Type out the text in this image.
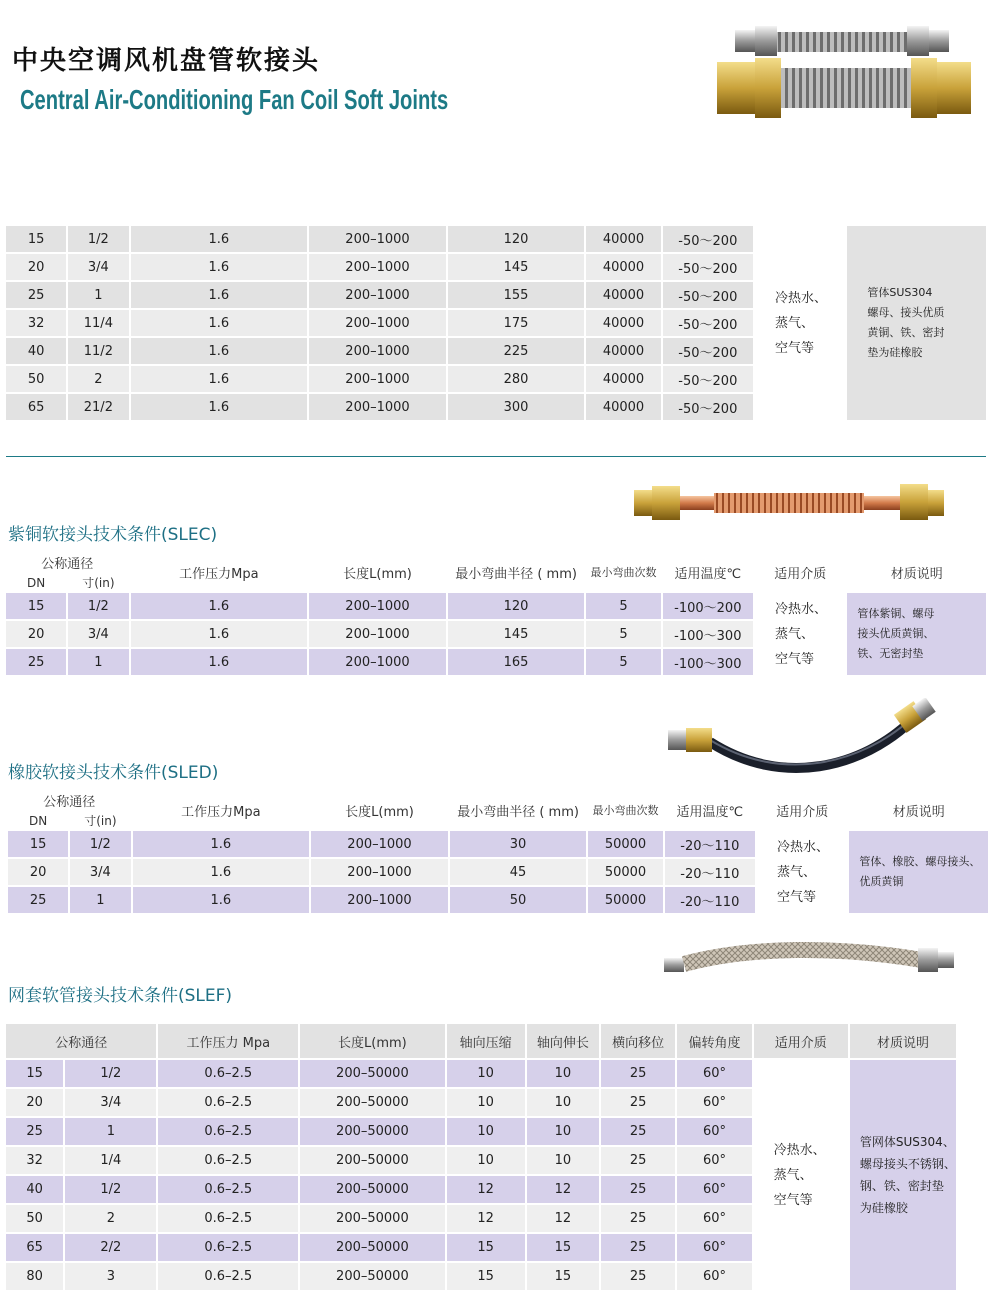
中央空调风机盘管软接头
Central Air-Conditioning Fan Coil Soft Joints
15	1/2	1.6	200–1000	120	40000	-50～200	冷热水、
蒸气、
空气等	管体SUS304
螺母、接头优质
黄铜、铁、密封
垫为硅橡胶
20	3/4	1.6	200–1000	145	40000	-50～200		
25	1	1.6	200–1000	155	40000	-50～200		
32	11/4	1.6	200–1000	175	40000	-50～200		
40	11/2	1.6	200–1000	225	40000	-50～200		
50	2	1.6	200–1000	280	40000	-50～200		
65	21/2	1.6	200–1000	300	40000	-50～200		
紫铜软接头技术条件(SLEC)
公称通径		工作压力Mpa	长度L(mm)	最小弯曲半径 ( mm)	最小弯曲次数	适用温度℃	适用介质	材质说明
DN	寸(in)							
15	1/2	1.6	200–1000	120	5	-100～200	冷热水、
蒸气、
空气等	管体紫铜、螺母
接头优质黄铜、
铁、无密封垫
20	3/4	1.6	200–1000	145	5	-100～300		
25	1	1.6	200–1000	165	5	-100～300		
橡胶软接头技术条件(SLED)
公称通径		工作压力Mpa	长度L(mm)	最小弯曲半径 ( mm)	最小弯曲次数	适用温度℃	适用介质	材质说明
DN	寸(in)							
15	1/2	1.6	200–1000	30	50000	-20～110	冷热水、
蒸气、
空气等	管体、橡胶、螺母接头、
优质黄铜
20	3/4	1.6	200–1000	45	50000	-20～110		
25	1	1.6	200–1000	50	50000	-20～110		
网套软管接头技术条件(SLEF)
公称通径		工作压力 Mpa	长度L(mm)	轴向压缩	轴向伸长	横向移位	偏转角度	适用介质	材质说明
15	1/2	0.6–2.5	200–50000	10	10	25	60°	冷热水、
蒸气、
空气等	管网体SUS304、
螺母接头不锈钢、
钢、铁、密封垫
为硅橡胶
20	3/4	0.6–2.5	200–50000	10	10	25	60°		
25	1	0.6–2.5	200–50000	10	10	25	60°		
32	1/4	0.6–2.5	200–50000	10	10	25	60°		
40	1/2	0.6–2.5	200–50000	12	12	25	60°		
50	2	0.6–2.5	200–50000	12	12	25	60°		
65	2/2	0.6–2.5	200–50000	15	15	25	60°		
80	3	0.6–2.5	200–50000	15	15	25	60°		
